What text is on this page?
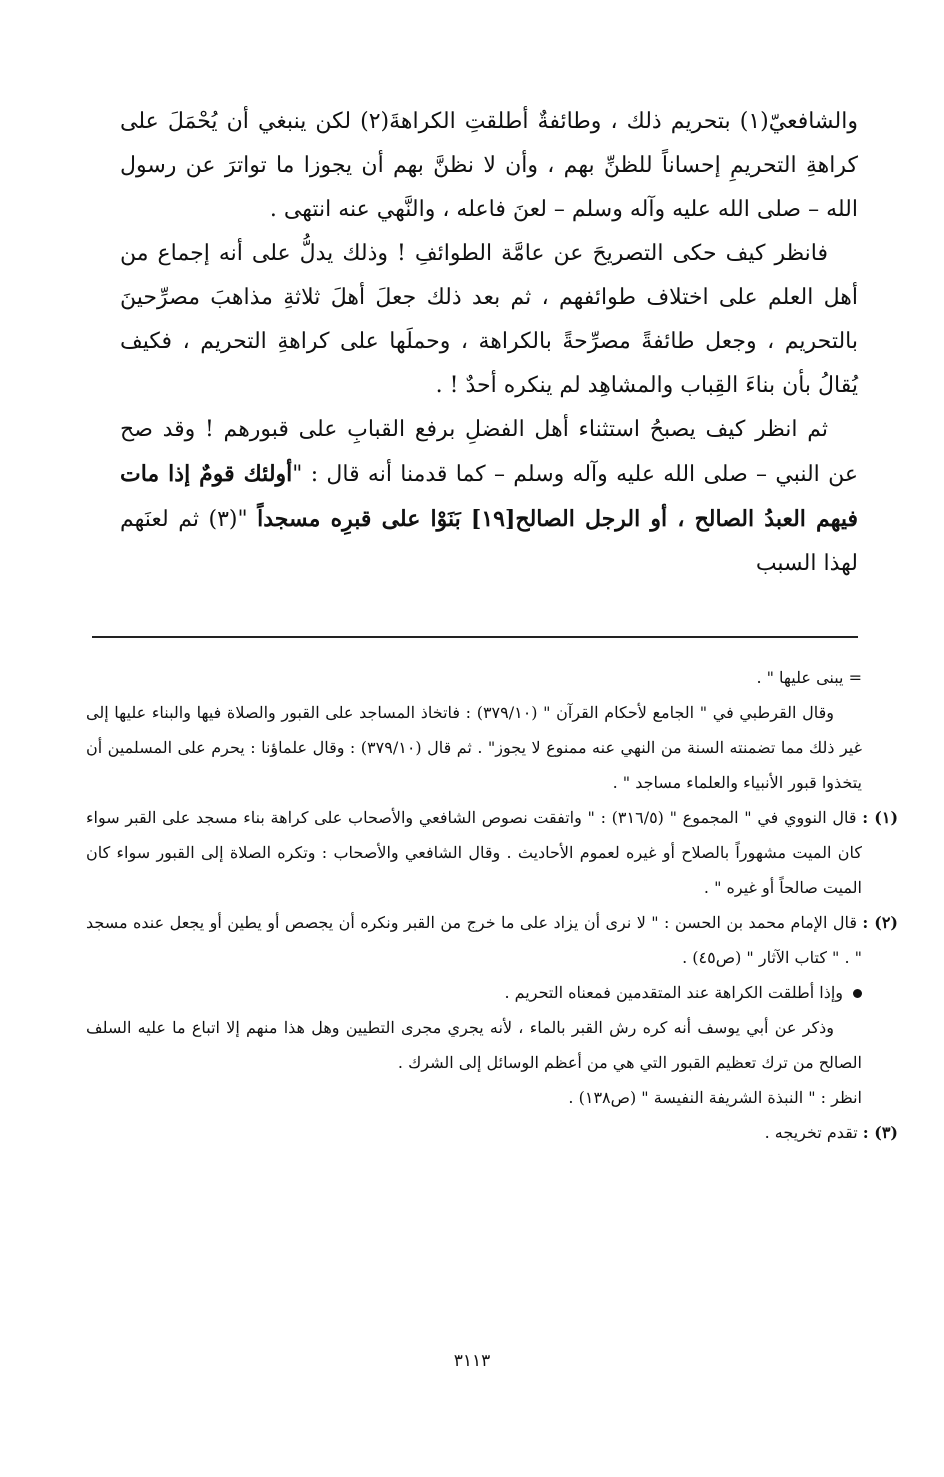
والشافعيّ(١) بتحريم ذلك ، وطائفةٌ أطلقتِ الكراهةَ(٢) لكن ينبغي أن يُحْمَلَ على كراهةِ التحريمِ إحساناً للظنِّ بهم ، وأن لا نظنَّ بهم أن يجوزا ما تواترَ عن رسول الله – صلى الله عليه وآله وسلم – لعنَ فاعله ، والنَّهي عنه انتهى .

فانظر كيف حكى التصريحَ عن عامَّة الطوائفِ ! وذلك يدلُّ على أنه إجماع من أهل العلم على اختلاف طوائفهم ، ثم بعد ذلك جعلَ أهلَ ثلاثةِ مذاهبَ مصرِّحينَ بالتحريم ، وجعل طائفةً مصرِّحةً بالكراهة ، وحملَها على كراهةِ التحريم ، فكيف يُقالُ بأن بناءَ القِباب والمشاهِد لم ينكره أحدٌ ! .

ثم انظر كيف يصبحُ استثناء أهل الفضلِ برفع القبابِ على قبورهم ! وقد صح عن النبي – صلى الله عليه وآله وسلم – كما قدمنا أنه قال : "أولئك قومٌ إذا مات فيهم العبدُ الصالح ، أو الرجل الصالح[١٩] بَنَوْا على قبرِه مسجداً "(٣) ثم لعنَهم لهذا السبب

= يبنى عليها " .

وقال القرطبي في " الجامع لأحكام القرآن " (٣٧٩/١٠) : فاتخاذ المساجد على القبور والصلاة فيها والبناء عليها إلى غير ذلك مما تضمنته السنة من النهي عنه ممنوع لا يجوز" . ثم قال (٣٧٩/١٠) : وقال علماؤنا : يحرم على المسلمين أن يتخذوا قبور الأنبياء والعلماء مساجد " .

(١) : قال النووي في " المجموع " (٣١٦/٥) : " واتفقت نصوص الشافعي والأصحاب على كراهة بناء مسجد على القبر سواء كان الميت مشهوراً بالصلاح أو غيره لعموم الأحاديث . وقال الشافعي والأصحاب : وتكره الصلاة إلى القبور سواء كان الميت صالحاً أو غيره " .

(٢) : قال الإمام محمد بن الحسن : " لا نرى أن يزاد على ما خرج من القبر ونكره أن يجصص أو يطين أو يجعل عنده مسجد " . " كتاب الآثار " (ص٤٥) .

وإذا أطلقت الكراهة عند المتقدمين فمعناه التحريم .

وذكر عن أبي يوسف أنه كره رش القبر بالماء ، لأنه يجري مجرى التطيين وهل هذا منهم إلا اتباع ما عليه السلف الصالح من ترك تعظيم القبور التي هي من أعظم الوسائل إلى الشرك .

انظر : " النبذة الشريفة النفيسة " (ص١٣٨) .

(٣) : تقدم تخريجه .

٣١١٣
